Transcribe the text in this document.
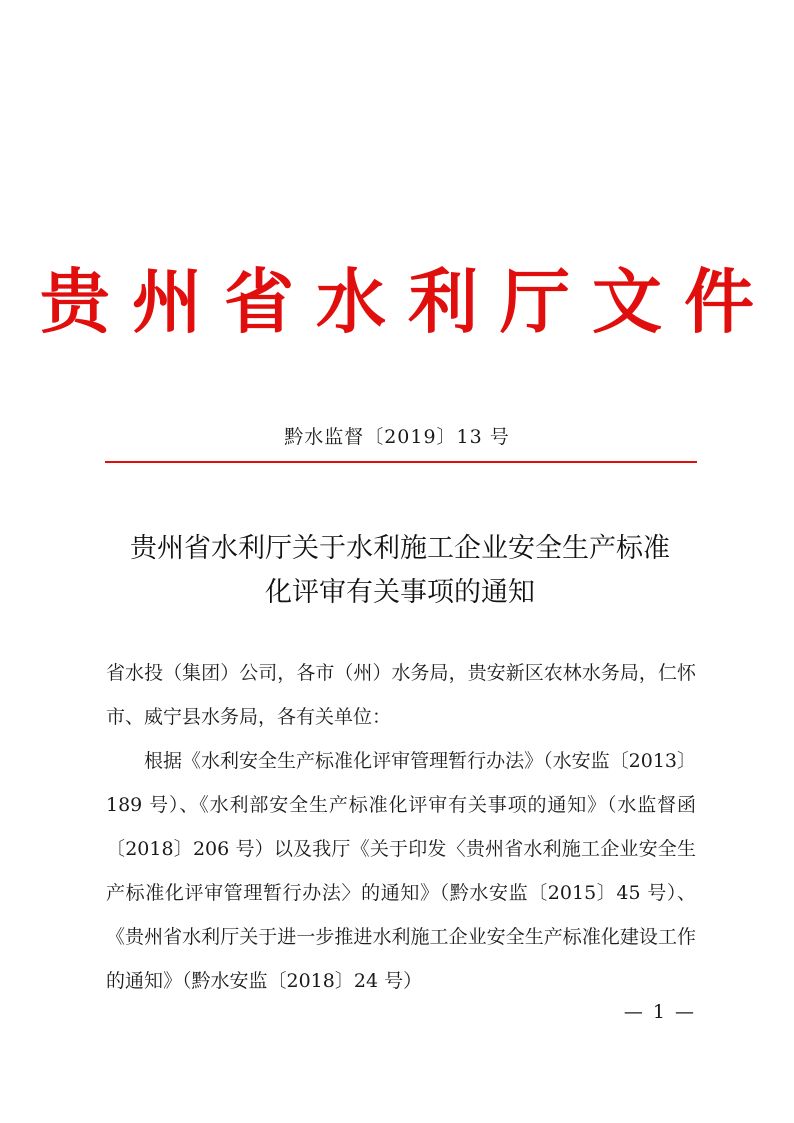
贵州省水利厅文件
黔水监督〔2019〕13 号
贵州省水利厅关于水利施工企业安全生产标准
化评审有关事项的通知

省水投（集团）公司，各市（州）水务局，贵安新区农林水务局，仁怀市、威宁县水务局，各有关单位：

根据《水利安全生产标准化评审管理暂行办法》（水安监〔2013〕189 号）、《水利部安全生产标准化评审有关事项的通知》（水监督函〔2018〕206 号）以及我厅《关于印发〈贵州省水利施工企业安全生产标准化评审管理暂行办法〉的通知》（黔水安监〔2015〕45 号）、《贵州省水利厅关于进一步推进水利施工企业安全生产标准化建设工作的通知》（黔水安监〔2018〕24 号）

— 1 —
